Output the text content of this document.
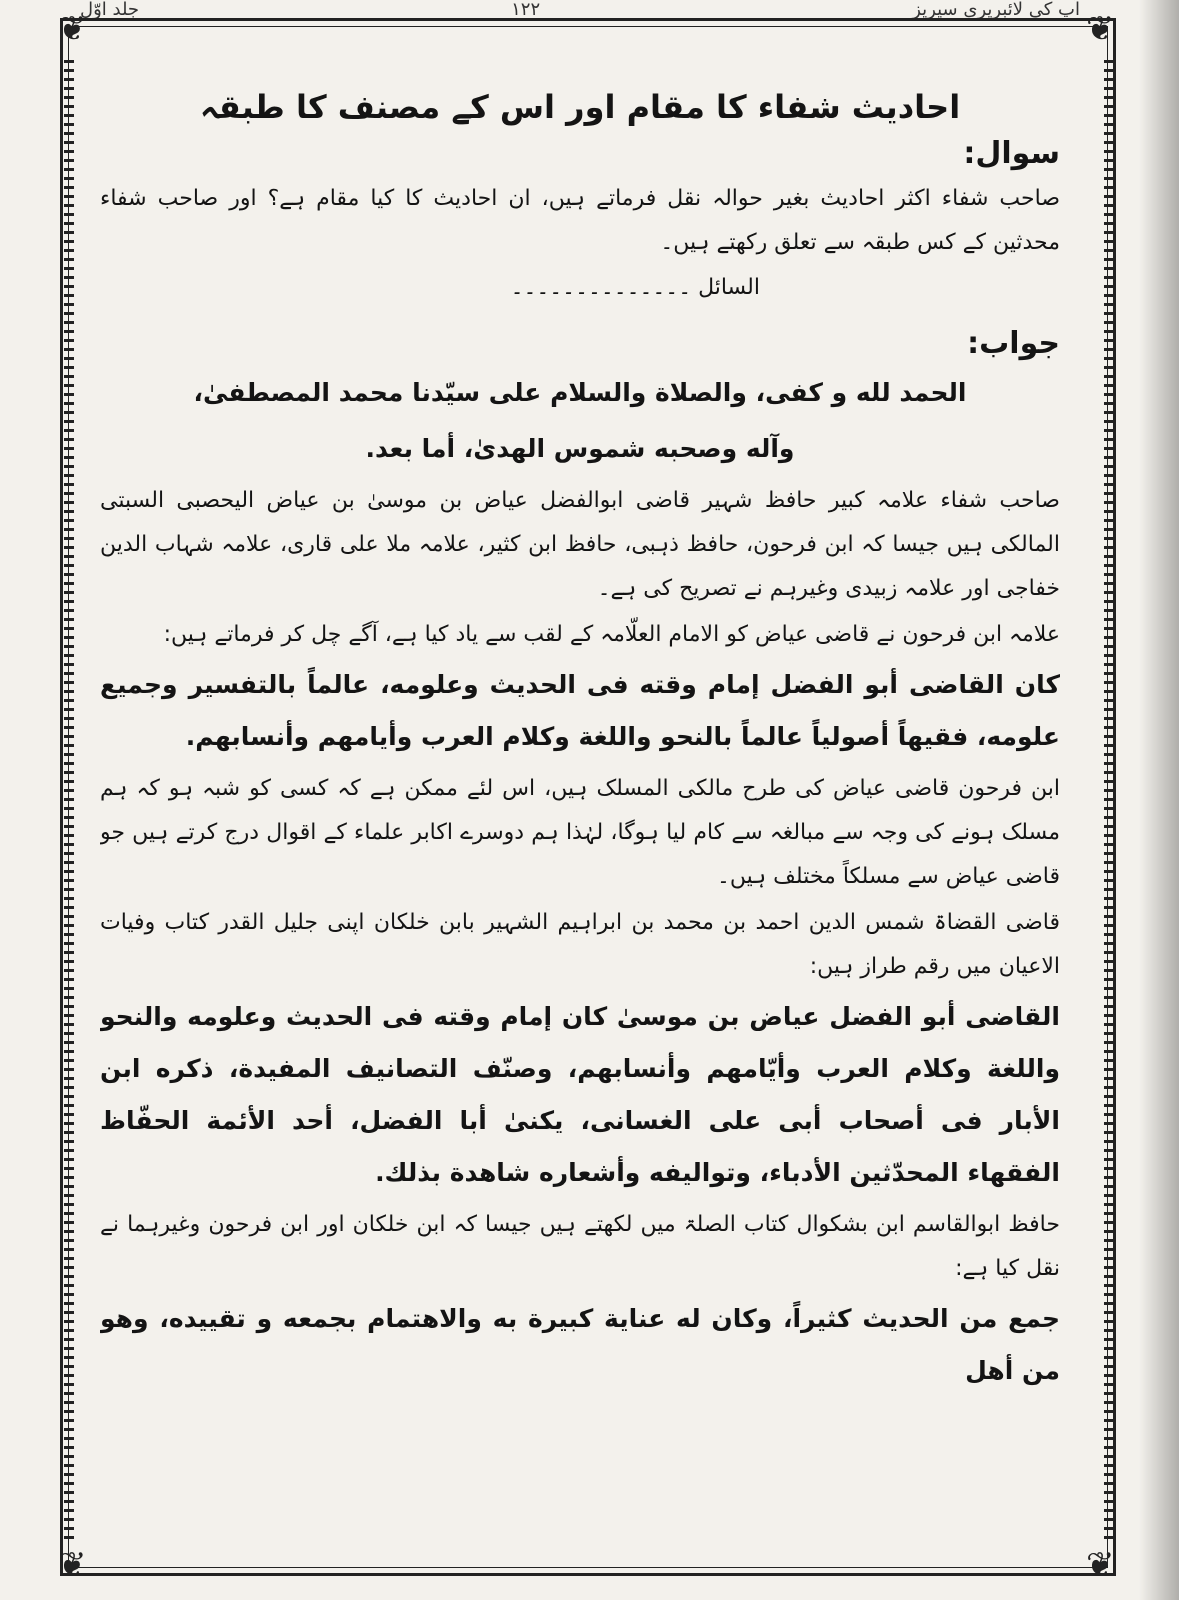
آپ کی لائبریری سیریز
۱۲۲
جلد اوّل
❦	❦
❦	❦
احادیث شفاء کا مقام اور اس کے مصنف کا طبقہ
سوال:

صاحب شفاء اکثر احادیث بغیر حوالہ نقل فرماتے ہیں، ان احادیث کا کیا مقام ہے؟ اور صاحب شفاء محدثین کے کس طبقہ سے تعلق رکھتے ہیں۔

السائل ۔۔۔۔۔۔۔۔۔۔۔۔۔۔
جواب:

الحمد لله و كفى، والصلاة والسلام على سيّدنا محمد المصطفىٰ،

وآله وصحبه شموس الهدىٰ، أما بعد.

صاحب شفاء علامہ کبیر حافظ شہیر قاضی ابوالفضل عیاض بن موسیٰ بن عیاض الیحصبی السبتی المالکی ہیں جیسا کہ ابن فرحون، حافظ ذہبی، حافظ ابن کثیر، علامہ ملا علی قاری، علامہ شہاب الدین خفاجی اور علامہ زبیدی وغیرہم نے تصریح کی ہے۔

علامہ ابن فرحون نے قاضی عیاض کو الامام العلّامہ کے لقب سے یاد کیا ہے، آگے چل کر فرماتے ہیں:

كان القاضى أبو الفضل إمام وقته فى الحديث وعلومه، عالماً بالتفسير وجميع علومه، فقيهاً أصولياً عالماً بالنحو واللغة وكلام العرب وأيامهم وأنسابهم.

ابن فرحون قاضی عیاض کی طرح مالکی المسلک ہیں، اس لئے ممکن ہے کہ کسی کو شبہ ہو کہ ہم مسلک ہونے کی وجہ سے مبالغہ سے کام لیا ہوگا، لہٰذا ہم دوسرے اکابر علماء کے اقوال درج کرتے ہیں جو قاضی عیاض سے مسلکاً مختلف ہیں۔

قاضی القضاۃ شمس الدین احمد بن محمد بن ابراہیم الشہیر بابن خلکان اپنی جلیل القدر کتاب وفیات الاعیان میں رقم طراز ہیں:

القاضى أبو الفضل عياض بن موسىٰ كان إمام وقته فى الحديث وعلومه والنحو واللغة وكلام العرب وأيّامهم وأنسابهم، وصنّف التصانيف المفيدة، ذكره ابن الأبار فى أصحاب أبى على الغسانى، يكنىٰ أبا الفضل، أحد الأئمة الحفّاظ الفقهاء المحدّثين الأدباء، وتواليفه وأشعاره شاهدة بذلك.

حافظ ابوالقاسم ابن بشکوال کتاب الصلۃ میں لکھتے ہیں جیسا کہ ابن خلکان اور ابن فرحون وغیرہما نے نقل کیا ہے:

جمع من الحديث كثيراً، وكان له عناية كبيرة به والاهتمام بجمعه و تقييده، وهو من أهل
